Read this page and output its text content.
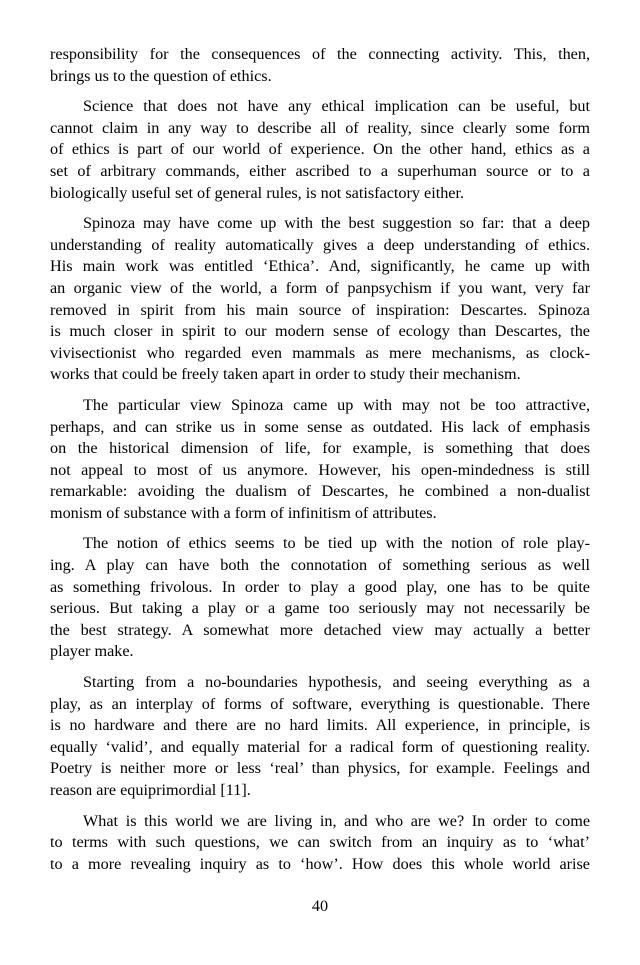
responsibility for the consequences of the connecting activity. This, then,
brings us to the question of ethics.

Science that does not have any ethical implication can be useful, but
cannot claim in any way to describe all of reality, since clearly some form
of ethics is part of our world of experience. On the other hand, ethics as a
set of arbitrary commands, either ascribed to a superhuman source or to a
biologically useful set of general rules, is not satisfactory either.

Spinoza may have come up with the best suggestion so far: that a deep
understanding of reality automatically gives a deep understanding of ethics.
His main work was entitled ‘Ethica’. And, significantly, he came up with
an organic view of the world, a form of panpsychism if you want, very far
removed in spirit from his main source of inspiration: Descartes. Spinoza
is much closer in spirit to our modern sense of ecology than Descartes, the
vivisectionist who regarded even mammals as mere mechanisms, as clock-
works that could be freely taken apart in order to study their mechanism.

The particular view Spinoza came up with may not be too attractive,
perhaps, and can strike us in some sense as outdated. His lack of emphasis
on the historical dimension of life, for example, is something that does
not appeal to most of us anymore. However, his open-mindedness is still
remarkable: avoiding the dualism of Descartes, he combined a non-dualist
monism of substance with a form of infinitism of attributes.

The notion of ethics seems to be tied up with the notion of role play-
ing. A play can have both the connotation of something serious as well
as something frivolous. In order to play a good play, one has to be quite
serious. But taking a play or a game too seriously may not necessarily be
the best strategy. A somewhat more detached view may actually a better
player make.

Starting from a no-boundaries hypothesis, and seeing everything as a
play, as an interplay of forms of software, everything is questionable. There
is no hardware and there are no hard limits. All experience, in principle, is
equally ‘valid’, and equally material for a radical form of questioning reality.
Poetry is neither more or less ‘real’ than physics, for example. Feelings and
reason are equiprimordial [11].

What is this world we are living in, and who are we? In order to come
to terms with such questions, we can switch from an inquiry as to ‘what’
to a more revealing inquiry as to ‘how’. How does this whole world arise

40
